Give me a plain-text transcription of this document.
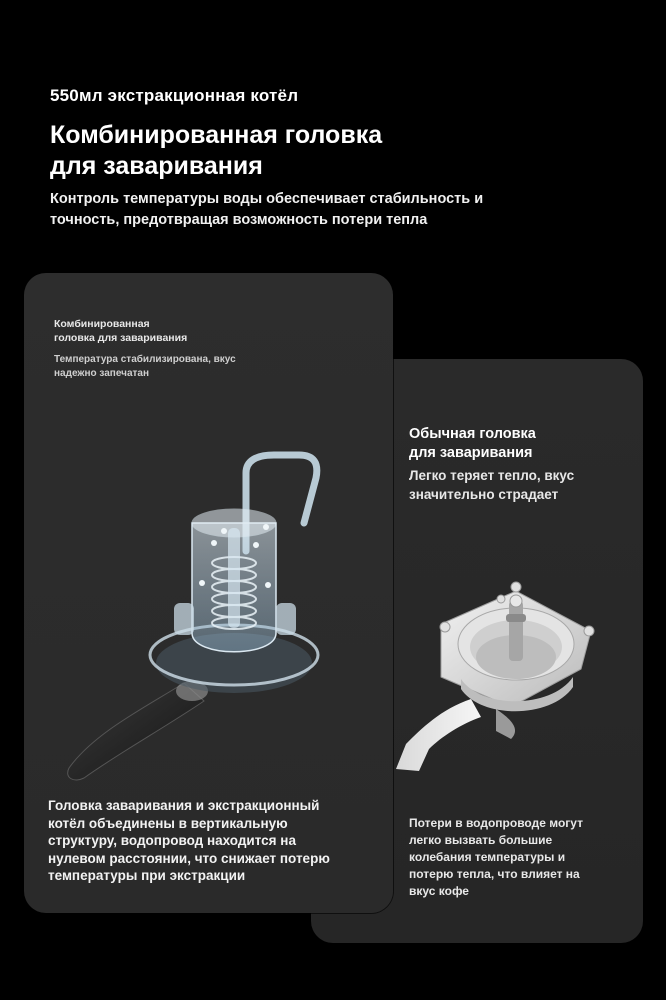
550мл экстракционная котёл
Комбинированная головка
для заваривания
Контроль температуры воды обеспечивает стабильность и
точность, предотвращая возможность потери тепла
Обычная головка
для заваривания
Легко теряет тепло, вкус
значительно страдает
Потери в водопроводе могут
легко вызвать большие
колебания температуры и
потерю тепла, что влияет на
вкус кофе
Комбинированная
головка для заваривания
Температура стабилизирована, вкус
надежно запечатан
Головка заваривания и экстракционный
котёл объединены в вертикальную
структуру, водопровод находится на
нулевом расстоянии, что снижает потерю
температуры при экстракции
